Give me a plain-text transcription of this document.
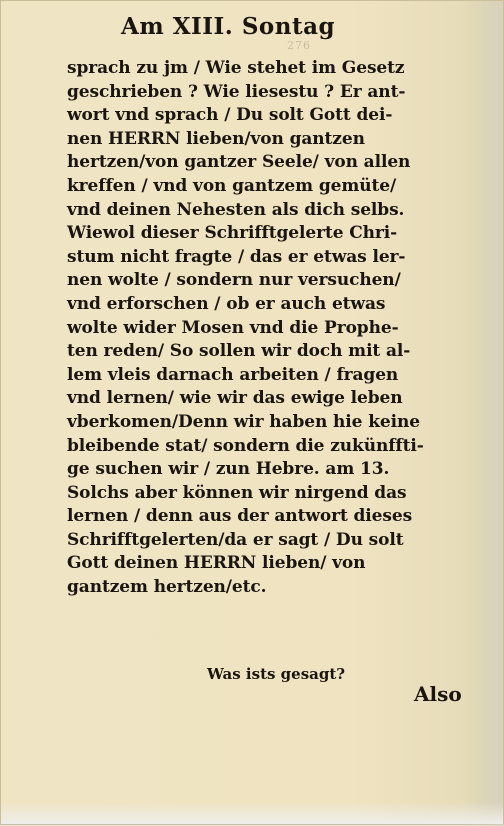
276
Am XIII. Sontag
sprach zu jm / Wie stehet im Gesetz
geschrieben ? Wie liesestu ? Er ant-
wort vnd sprach / Du solt Gott dei-
nen HERRN lieben/von gantzen
hertzen/von gantzer Seele/ von allen
kreffen / vnd von gantzem gemüte/
vnd deinen Nehesten als dich selbs.
Wiewol dieser Schrifftgelerte Chri-
stum nicht fragte / das er etwas ler-
nen wolte / sondern nur versuchen/
vnd erforschen / ob er auch etwas
wolte wider Mosen vnd die Prophe-
ten reden/ So sollen wir doch mit al-
lem vleis darnach arbeiten / fragen
vnd lernen/ wie wir das ewige leben
vberkomen/Denn wir haben hie keine
bleibende stat/ sondern die zukünffti-
ge suchen wir / zun Hebre. am 13.
Solchs aber können wir nirgend das
lernen / denn aus der antwort dieses
Schrifftgelerten/da er sagt / Du solt
Gott deinen HERRN lieben/ von
gantzem hertzen/etc.
Was ists gesagt?
Also
